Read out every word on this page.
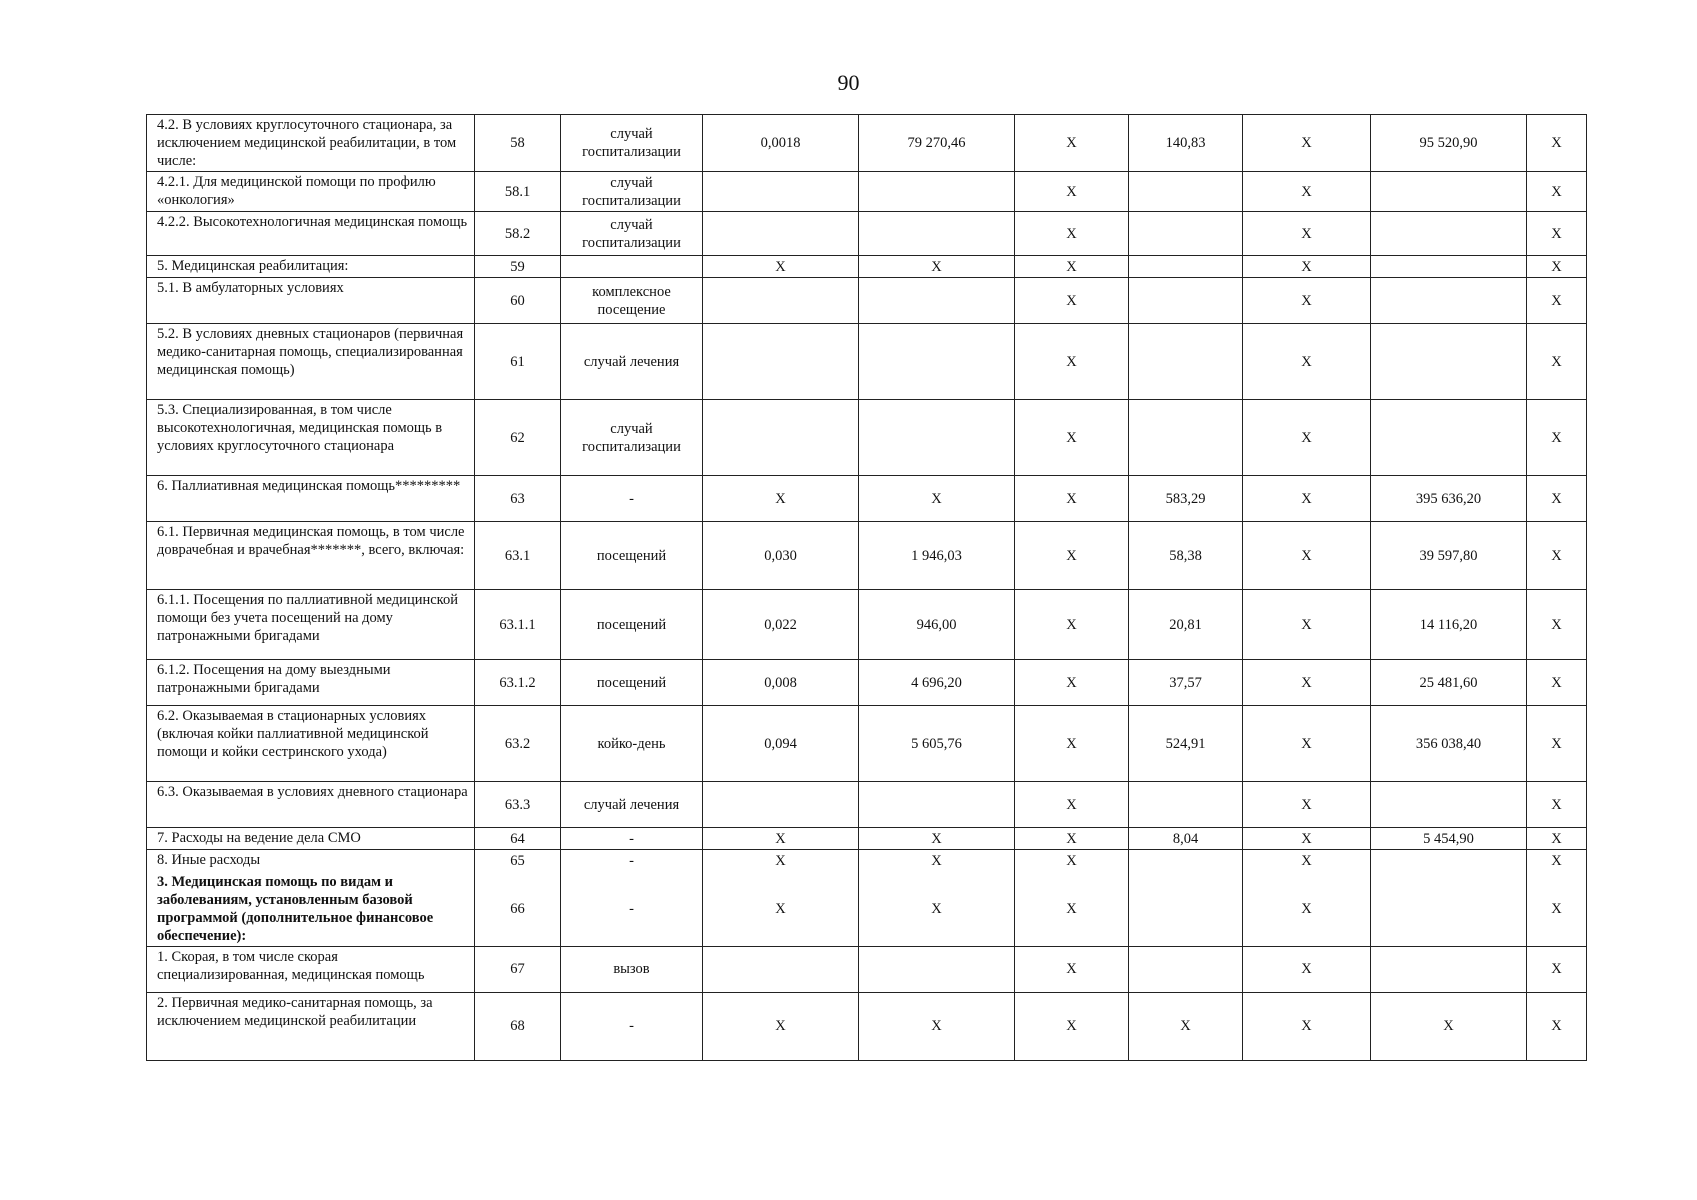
90
4.2. В условиях круглосуточного стационара, за исключением медицинской реабилитации, в том числе:	58	случай госпитализации	0,0018	79 270,46	X	140,83	X	95 520,90	X
4.2.1. Для медицинской помощи по профилю «онкология»	58.1	случай госпитализации			X		X		X
4.2.2. Высокотехнологичная медицинская помощь	58.2	случай госпитализации			X		X		X
5. Медицинская реабилитация:	59		X	X	X		X		X
5.1. В амбулаторных условиях	60	комплексное посещение			X		X		X
5.2. В условиях дневных стационаров (первичная медико-санитарная помощь, специализированная медицинская помощь)	61	случай лечения			X		X		X
5.3. Специализированная, в том числе высокотехнологичная, медицинская помощь в условиях круглосуточного стационара	62	случай госпитализации			X		X		X
6. Паллиативная медицинская помощь*********	63	-	X	X	X	583,29	X	395 636,20	X
6.1. Первичная медицинская помощь, в том числе доврачебная и врачебная*******, всего, включая:	63.1	посещений	0,030	1 946,03	X	58,38	X	39 597,80	X
6.1.1. Посещения по паллиативной медицинской помощи без учета посещений на дому патронажными бригадами	63.1.1	посещений	0,022	946,00	X	20,81	X	14 116,20	X
6.1.2. Посещения на дому выездными патронажными бригадами	63.1.2	посещений	0,008	4 696,20	X	37,57	X	25 481,60	X
6.2. Оказываемая в стационарных условиях (включая койки паллиативной медицинской помощи и койки сестринского ухода)	63.2	койко-день	0,094	5 605,76	X	524,91	X	356 038,40	X
6.3. Оказываемая в условиях дневного стационара	63.3	случай лечения			X		X		X
7. Расходы на ведение дела СМО	64	-	X	X	X	8,04	X	5 454,90	X
8. Иные расходы	65	-	X	X	X		X		X
3. Медицинская помощь по видам и заболеваниям, установленным базовой программой (дополнительное финансовое обеспечение):	66	-	X	X	X		X		X
1. Скорая, в том числе скорая специализированная, медицинская помощь	67	вызов			X		X		X
2. Первичная медико-санитарная помощь, за исключением медицинской реабилитации	68	-	X	X	X	X	X	X	X
